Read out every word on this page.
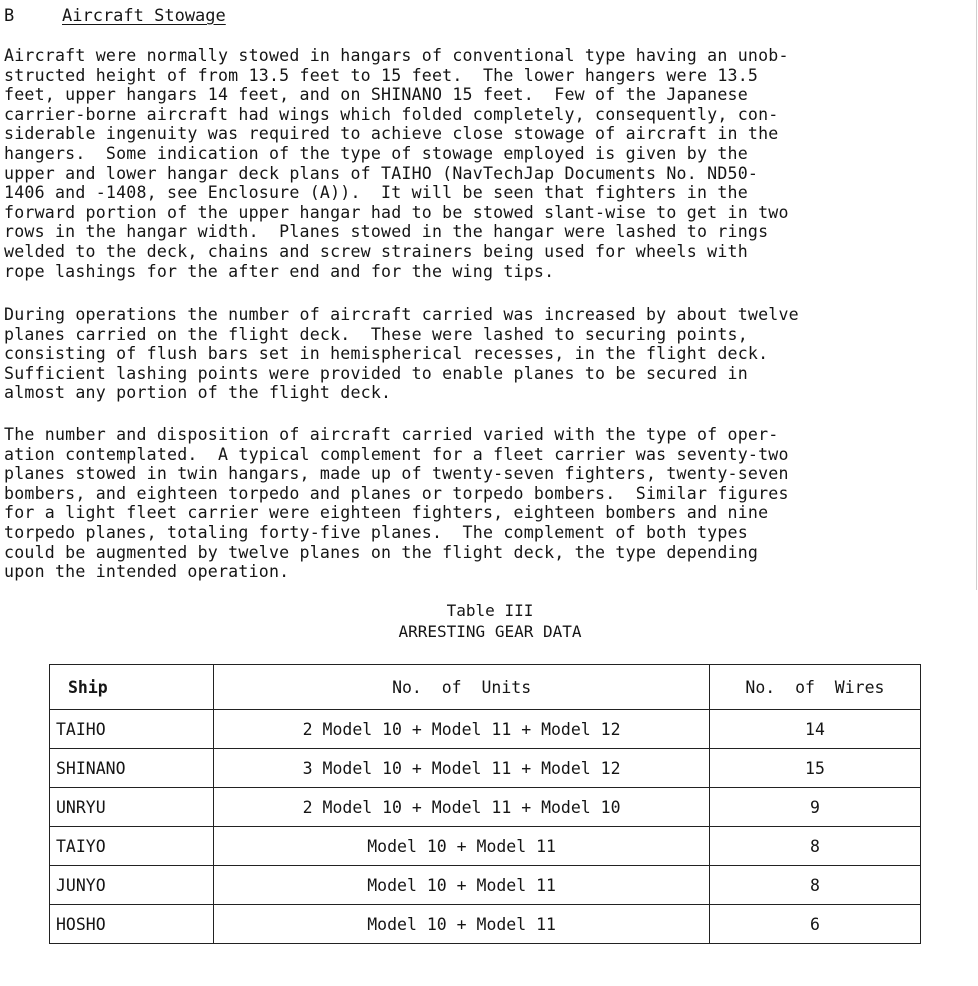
B	Aircraft Stowage
Aircraft were normally stowed in hangars of conventional type having an unob-
structed height of from 13.5 feet to 15 feet.  The lower hangers were 13.5
feet, upper hangars 14 feet, and on SHINANO 15 feet.  Few of the Japanese
carrier-borne aircraft had wings which folded completely, consequently, con-
siderable ingenuity was required to achieve close stowage of aircraft in the
hangers.  Some indication of the type of stowage employed is given by the
upper and lower hangar deck plans of TAIHO (NavTechJap Documents No. ND50-
1406 and -1408, see Enclosure (A)).  It will be seen that fighters in the
forward portion of the upper hangar had to be stowed slant-wise to get in two
rows in the hangar width.  Planes stowed in the hangar were lashed to rings
welded to the deck, chains and screw strainers being used for wheels with
rope lashings for the after end and for the wing tips.
During operations the number of aircraft carried was increased by about twelve
planes carried on the flight deck.  These were lashed to securing points,
consisting of flush bars set in hemispherical recesses, in the flight deck.
Sufficient lashing points were provided to enable planes to be secured in
almost any portion of the flight deck.
The number and disposition of aircraft carried varied with the type of oper-
ation contemplated.  A typical complement for a fleet carrier was seventy-two
planes stowed in twin hangars, made up of twenty-seven fighters, twenty-seven
bombers, and eighteen torpedo and planes or torpedo bombers.  Similar figures
for a light fleet carrier were eighteen fighters, eighteen bombers and nine
torpedo planes, totaling forty-five planes.  The complement of both types
could be augmented by twelve planes on the flight deck, the type depending
upon the intended operation.
Table III
ARRESTING GEAR DATA
Ship	No.  of  Units	No.  of  Wires
TAIHO	2 Model 10 + Model 11 + Model 12	14
SHINANO	3 Model 10 + Model 11 + Model 12	15
UNRYU	2 Model 10 + Model 11 + Model 10	9
TAIYO	Model 10 + Model 11	8
JUNYO	Model 10 + Model 11	8
HOSHO	Model 10 + Model 11	6
